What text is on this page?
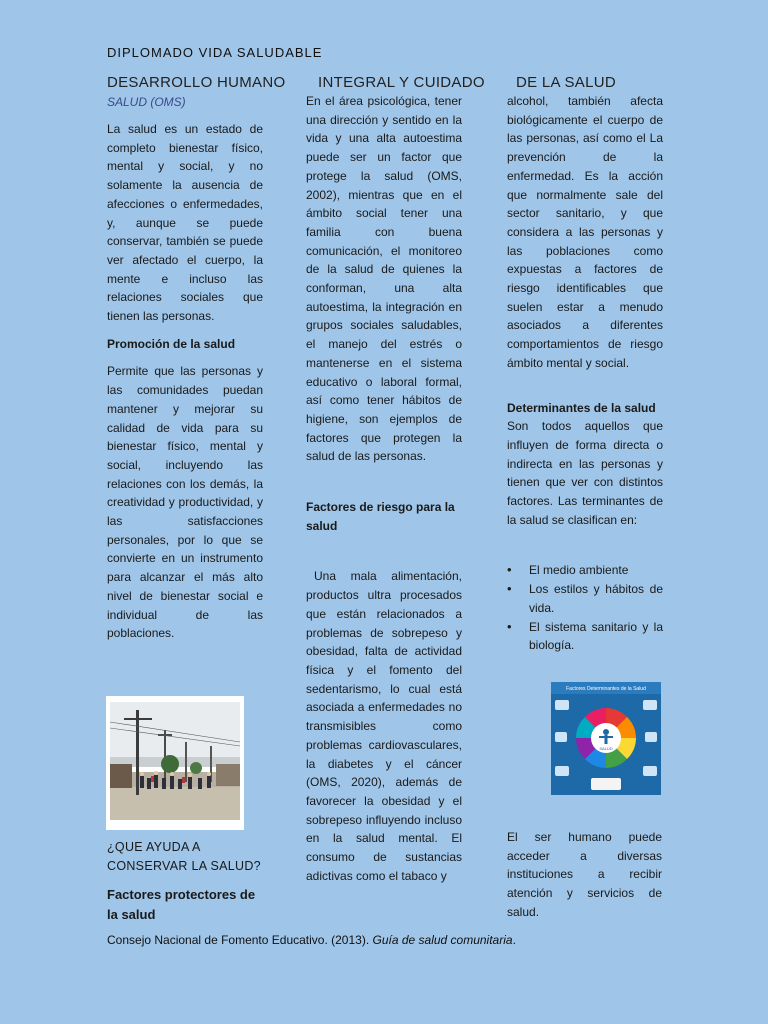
DIPLOMADO VIDA SALUDABLE
DESARROLLO HUMANO INTEGRAL Y CUIDADO DE LA SALUD
SALUD (OMS)

La salud es un estado de completo bienestar físico, mental y social, y no solamente la ausencia de afecciones o enfermedades, y, aunque se puede conservar, también se puede ver afectado el cuerpo, la mente e incluso las relaciones sociales que tienen las personas.

Promoción de la salud

Permite que las personas y las comunidades puedan mantener y mejorar su calidad de vida para su bienestar físico, mental y social, incluyendo las relaciones con los demás, la creatividad y productividad, y las satisfacciones personales, por lo que se convierte en un instrumento para alcanzar el más alto nivel de bienestar social e individual de las poblaciones.

¿QUE AYUDA A CONSERVAR LA SALUD?

Factores protectores de la salud

En el área psicológica, tener una dirección y sentido en la vida y una alta autoestima puede ser un factor que protege la salud (OMS, 2002), mientras que en el ámbito social tener una familia con buena comunicación, el monitoreo de la salud de quienes la conforman, una alta autoestima, la integración en grupos sociales saludables, el manejo del estrés o mantenerse en el sistema educativo o laboral formal, así como tener hábitos de higiene, son ejemplos de factores que protegen la salud de las personas.

Factores de riesgo para la salud

Una mala alimentación, productos ultra procesados que están relacionados a problemas de sobrepeso y obesidad, falta de actividad física y el fomento del sedentarismo, lo cual está asociada a enfermedades no transmisibles como problemas cardiovasculares, la diabetes y el cáncer (OMS, 2020), además de favorecer la obesidad y el sobrepeso influyendo incluso en la salud mental. El consumo de sustancias adictivas como el tabaco y

alcohol, también afecta biológicamente el cuerpo de las personas, así como el La prevención de la enfermedad. Es la acción que normalmente sale del sector sanitario, y que considera a las personas y las poblaciones como expuestas a factores de riesgo identificables que suelen estar a menudo asociados a diferentes comportamientos de riesgo ámbito mental y social.

Determinantes de la salud

Son todos aquellos que influyen de forma directa o indirecta en las personas y tienen que ver con distintos factores. Las terminantes de la salud se clasifican en:

• El medio ambiente
• Los estilos y hábitos de vida.
• El sistema sanitario y la biología.
Factores Determinantes de la Salud
SALUD

El ser humano puede acceder a diversas instituciones a recibir atención y servicios de salud.

Consejo Nacional de Fomento Educativo. (2013). Guía de salud comunitaria.
